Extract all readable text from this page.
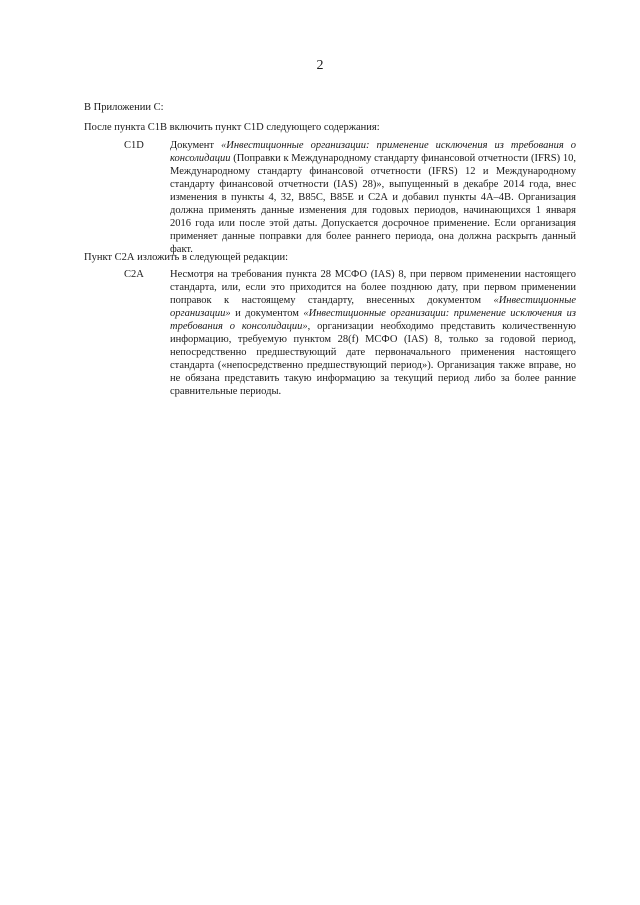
2
В Приложении С:
После пункта С1В включить пункт C1D следующего содержания:
C1D Документ «Инвестиционные организации: применение исключения из требования о консолидации (Поправки к Международному стандарту финансовой отчетности (IFRS) 10, Международному стандарту финансовой отчетности (IFRS) 12 и Международному стандарту финансовой отчетности (IAS) 28)», выпущенный в декабре 2014 года, внес изменения в пункты 4, 32, В85С, В85Е и С2А и добавил пункты 4А–4В. Организация должна применять данные изменения для годовых периодов, начинающихся 1 января 2016 года или после этой даты. Допускается досрочное применение. Если организация применяет данные поправки для более раннего периода, она должна раскрыть данный факт.
Пункт С2А изложить в следующей редакции:
С2А Несмотря на требования пункта 28 МСФО (IAS) 8, при первом применении настоящего стандарта, или, если это приходится на более позднюю дату, при первом применении поправок к настоящему стандарту, внесенных документом «Инвестиционные организации» и документом «Инвестиционные организации: применение исключения из требования о консолидации», организации необходимо представить количественную информацию, требуемую пунктом 28(f) МСФО (IAS) 8, только за годовой период, непосредственно предшествующий дате первоначального применения настоящего стандарта («непосредственно предшествующий период»). Организация также вправе, но не обязана представить такую информацию за текущий период либо за более ранние сравнительные периоды.
